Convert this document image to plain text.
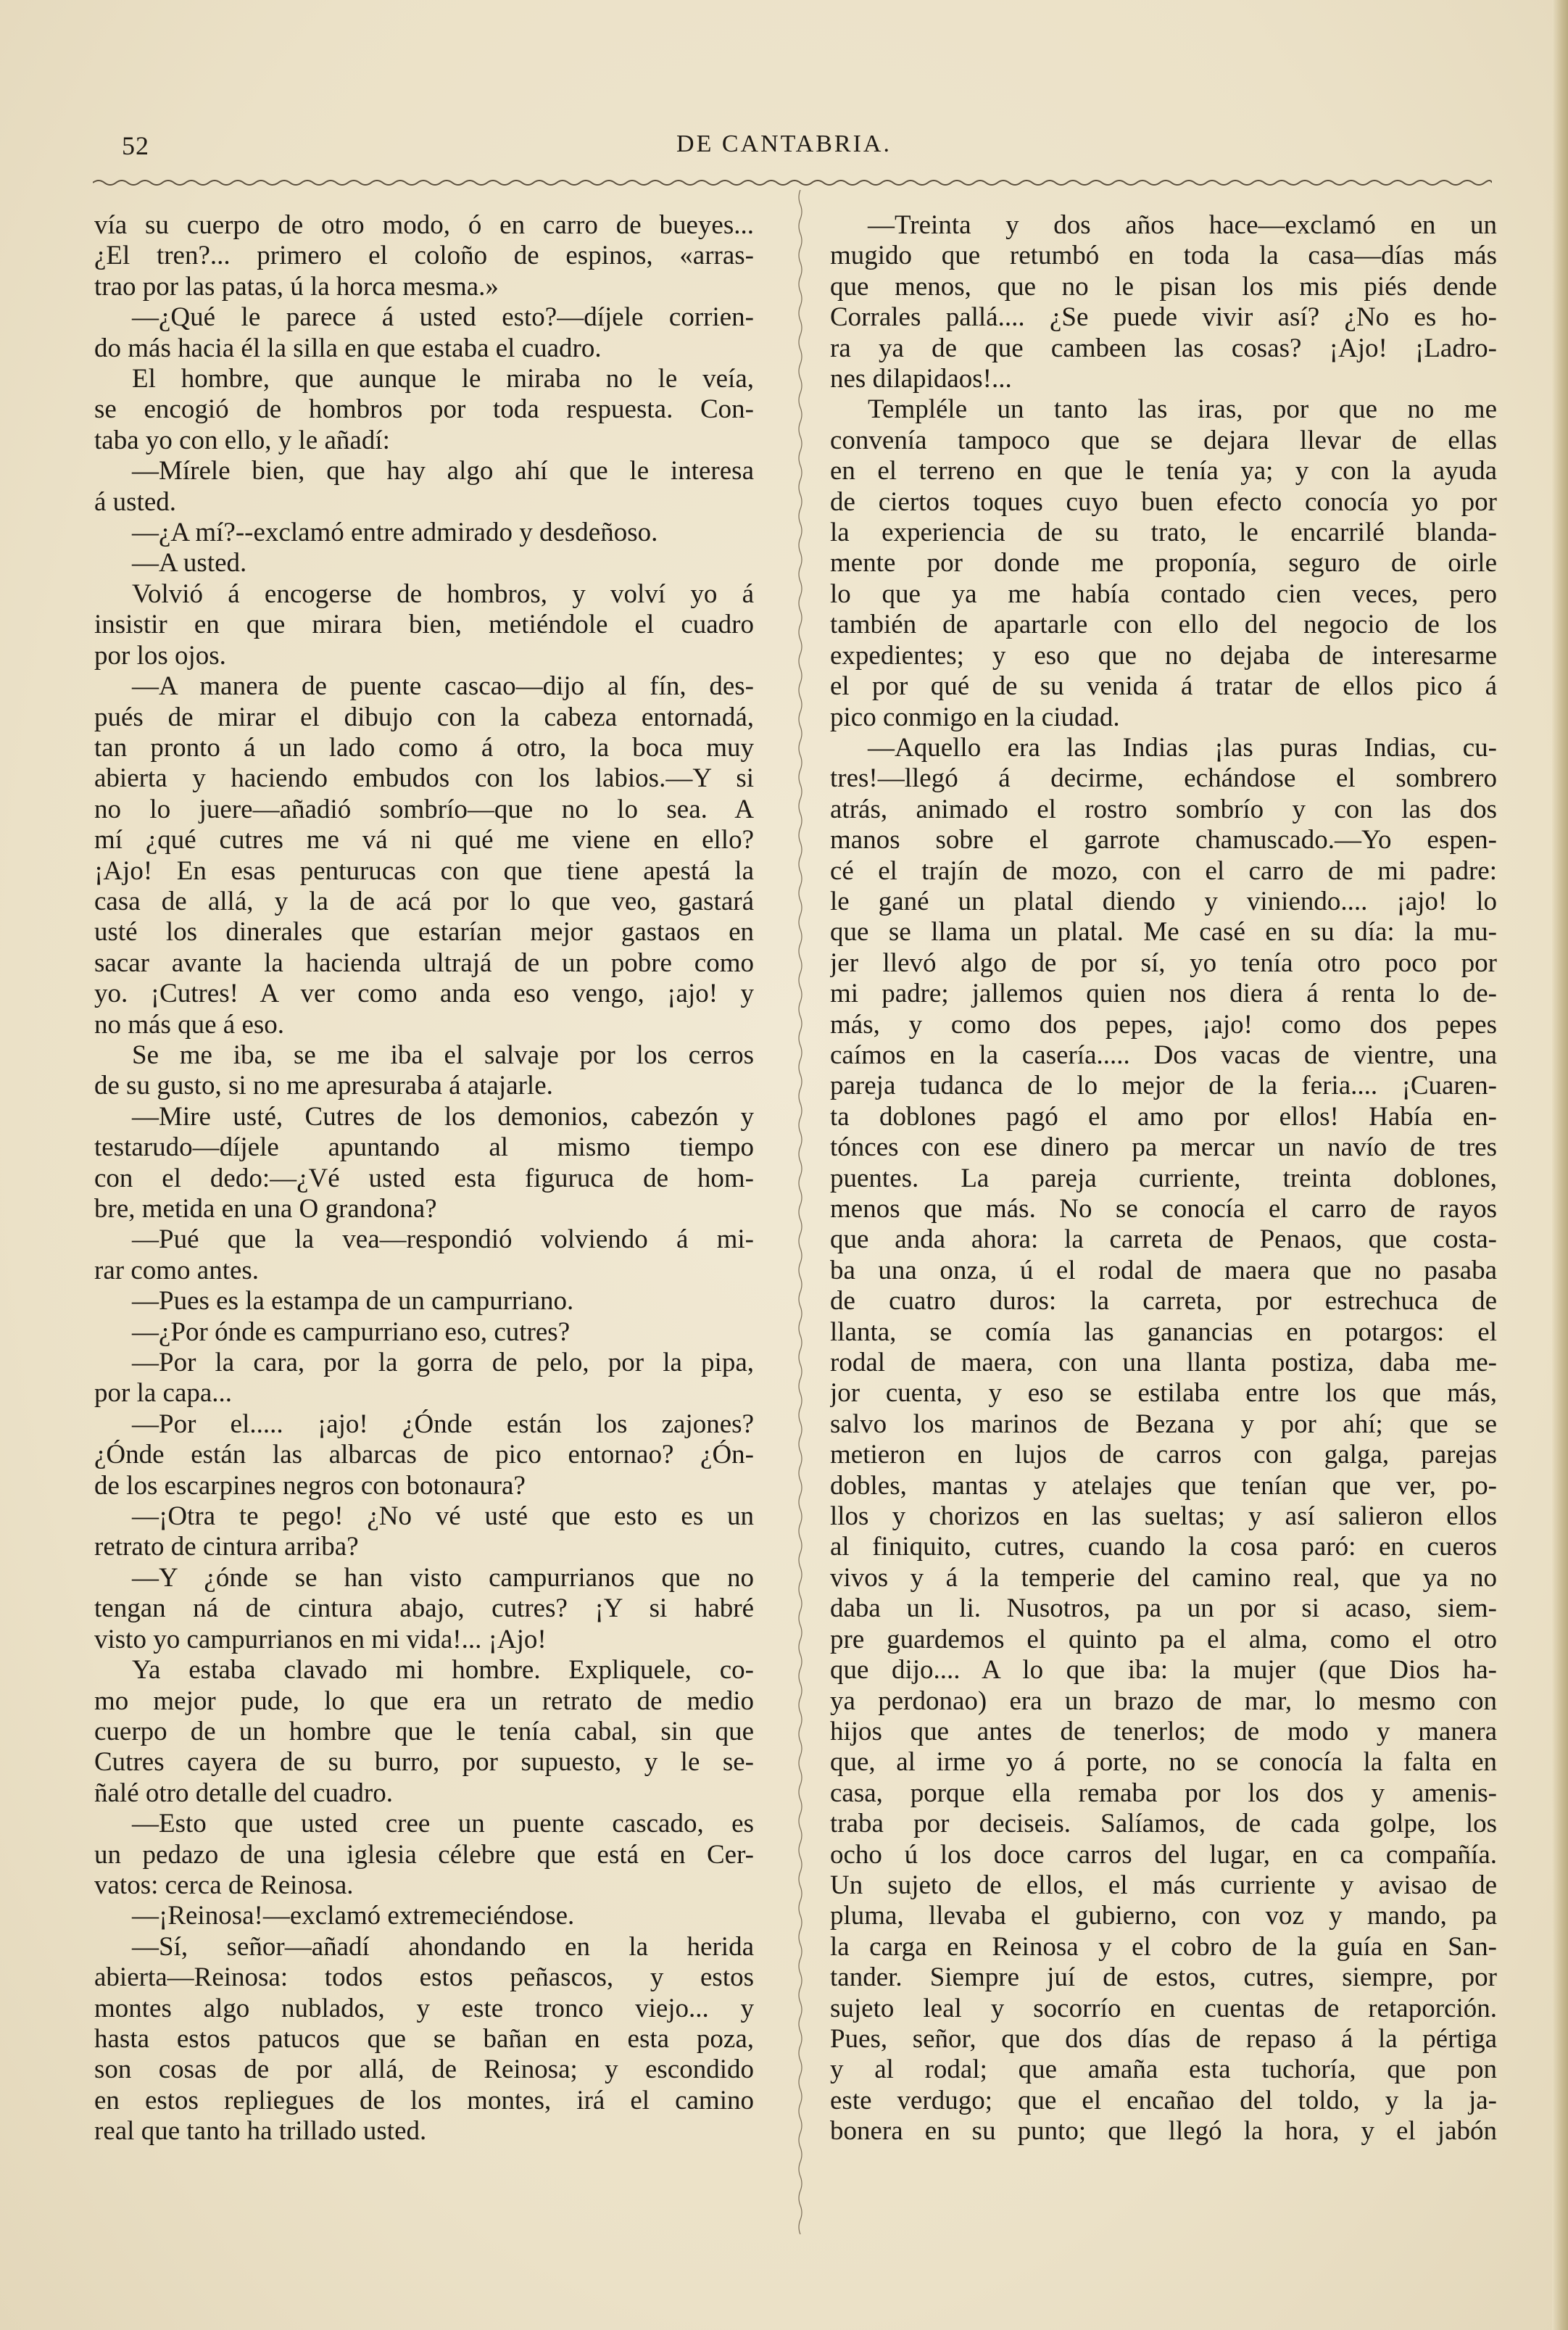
52	DE CANTABRIA.
vía su cuerpo de otro modo, ó en carro de bueyes...
¿El tren?... primero el coloño de espinos, «arras-
trao por las patas, ú la horca mesma.»
—¿Qué le parece á usted esto?—díjele corrien-
do más hacia él la silla en que estaba el cuadro.
El hombre, que aunque le miraba no le veía,
se encogió de hombros por toda respuesta. Con-
taba yo con ello, y le añadí:
—Mírele bien, que hay algo ahí que le interesa
á usted.
—¿A mí?--exclamó entre admirado y desdeñoso.
—A usted.
Volvió á encogerse de hombros, y volví yo á
insistir en que mirara bien, metiéndole el cuadro
por los ojos.
—A manera de puente cascao—dijo al fín, des-
pués de mirar el dibujo con la cabeza entornadá,
tan pronto á un lado como á otro, la boca muy
abierta y haciendo embudos con los labios.—Y si
no lo juere—añadió sombrío—que no lo sea. A
mí ¿qué cutres me vá ni qué me viene en ello?
¡Ajo! En esas penturucas con que tiene apestá la
casa de allá, y la de acá por lo que veo, gastará
usté los dinerales que estarían mejor gastaos en
sacar avante la hacienda ultrajá de un pobre como
yo. ¡Cutres! A ver como anda eso vengo, ¡ajo! y
no más que á eso.
Se me iba, se me iba el salvaje por los cerros
de su gusto, si no me apresuraba á atajarle.
—Mire usté, Cutres de los demonios, cabezón y
testarudo—díjele apuntando al mismo tiempo
con el dedo:—¿Vé usted esta figuruca de hom-
bre, metida en una O grandona?
—Pué que la vea—respondió volviendo á mi-
rar como antes.
—Pues es la estampa de un campurriano.
—¿Por ónde es campurriano eso, cutres?
—Por la cara, por la gorra de pelo, por la pipa,
por la capa...
—Por el..... ¡ajo! ¿Ónde están los zajones?
¿Ónde están las albarcas de pico entornao? ¿Ón-
de los escarpines negros con botonaura?
—¡Otra te pego! ¿No vé usté que esto es un
retrato de cintura arriba?
—Y ¿ónde se han visto campurrianos que no
tengan ná de cintura abajo, cutres? ¡Y si habré
visto yo campurrianos en mi vida!... ¡Ajo!
Ya estaba clavado mi hombre. Expliquele, co-
mo mejor pude, lo que era un retrato de medio
cuerpo de un hombre que le tenía cabal, sin que
Cutres cayera de su burro, por supuesto, y le se-
ñalé otro detalle del cuadro.
—Esto que usted cree un puente cascado, es
un pedazo de una iglesia célebre que está en Cer-
vatos: cerca de Reinosa.
—¡Reinosa!—exclamó extremeciéndose.
—Sí, señor—añadí ahondando en la herida
abierta—Reinosa: todos estos peñascos, y estos
montes algo nublados, y este tronco viejo... y
hasta estos patucos que se bañan en esta poza,
son cosas de por allá, de Reinosa; y escondido
en estos repliegues de los montes, irá el camino
real que tanto ha trillado usted.
—Treinta y dos años hace—exclamó en un
mugido que retumbó en toda la casa—días más
que menos, que no le pisan los mis piés dende
Corrales pallá.... ¿Se puede vivir así? ¿No es ho-
ra ya de que cambeen las cosas? ¡Ajo! ¡Ladro-
nes dilapidaos!...
Templéle un tanto las iras, por que no me
convenía tampoco que se dejara llevar de ellas
en el terreno en que le tenía ya; y con la ayuda
de ciertos toques cuyo buen efecto conocía yo por
la experiencia de su trato, le encarrilé blanda-
mente por donde me proponía, seguro de oirle
lo que ya me había contado cien veces, pero
también de apartarle con ello del negocio de los
expedientes; y eso que no dejaba de interesarme
el por qué de su venida á tratar de ellos pico á
pico conmigo en la ciudad.
—Aquello era las Indias ¡las puras Indias, cu-
tres!—llegó á decirme, echándose el sombrero
atrás, animado el rostro sombrío y con las dos
manos sobre el garrote chamuscado.—Yo espen-
cé el trajín de mozo, con el carro de mi padre:
le gané un platal diendo y viniendo.... ¡ajo! lo
que se llama un platal. Me casé en su día: la mu-
jer llevó algo de por sí, yo tenía otro poco por
mi padre; jallemos quien nos diera á renta lo de-
más, y como dos pepes, ¡ajo! como dos pepes
caímos en la casería..... Dos vacas de vientre, una
pareja tudanca de lo mejor de la feria.... ¡Cuaren-
ta doblones pagó el amo por ellos! Había en-
tónces con ese dinero pa mercar un navío de tres
puentes. La pareja curriente, treinta doblones,
menos que más. No se conocía el carro de rayos
que anda ahora: la carreta de Penaos, que costa-
ba una onza, ú el rodal de maera que no pasaba
de cuatro duros: la carreta, por estrechuca de
llanta, se comía las ganancias en potargos: el
rodal de maera, con una llanta postiza, daba me-
jor cuenta, y eso se estilaba entre los que más,
salvo los marinos de Bezana y por ahí; que se
metieron en lujos de carros con galga, parejas
dobles, mantas y atelajes que tenían que ver, po-
llos y chorizos en las sueltas; y así salieron ellos
al finiquito, cutres, cuando la cosa paró: en cueros
vivos y á la temperie del camino real, que ya no
daba un li. Nusotros, pa un por si acaso, siem-
pre guardemos el quinto pa el alma, como el otro
que dijo.... A lo que iba: la mujer (que Dios ha-
ya perdonao) era un brazo de mar, lo mesmo con
hijos que antes de tenerlos; de modo y manera
que, al irme yo á porte, no se conocía la falta en
casa, porque ella remaba por los dos y amenis-
traba por deciseis. Salíamos, de cada golpe, los
ocho ú los doce carros del lugar, en ca compañía.
Un sujeto de ellos, el más curriente y avisao de
pluma, llevaba el gubierno, con voz y mando, pa
la carga en Reinosa y el cobro de la guía en San-
tander. Siempre juí de estos, cutres, siempre, por
sujeto leal y socorrío en cuentas de retaporción.
Pues, señor, que dos días de repaso á la pértiga
y al rodal; que amaña esta tuchoría, que pon
este verdugo; que el encañao del toldo, y la ja-
bonera en su punto; que llegó la hora, y el jabón
